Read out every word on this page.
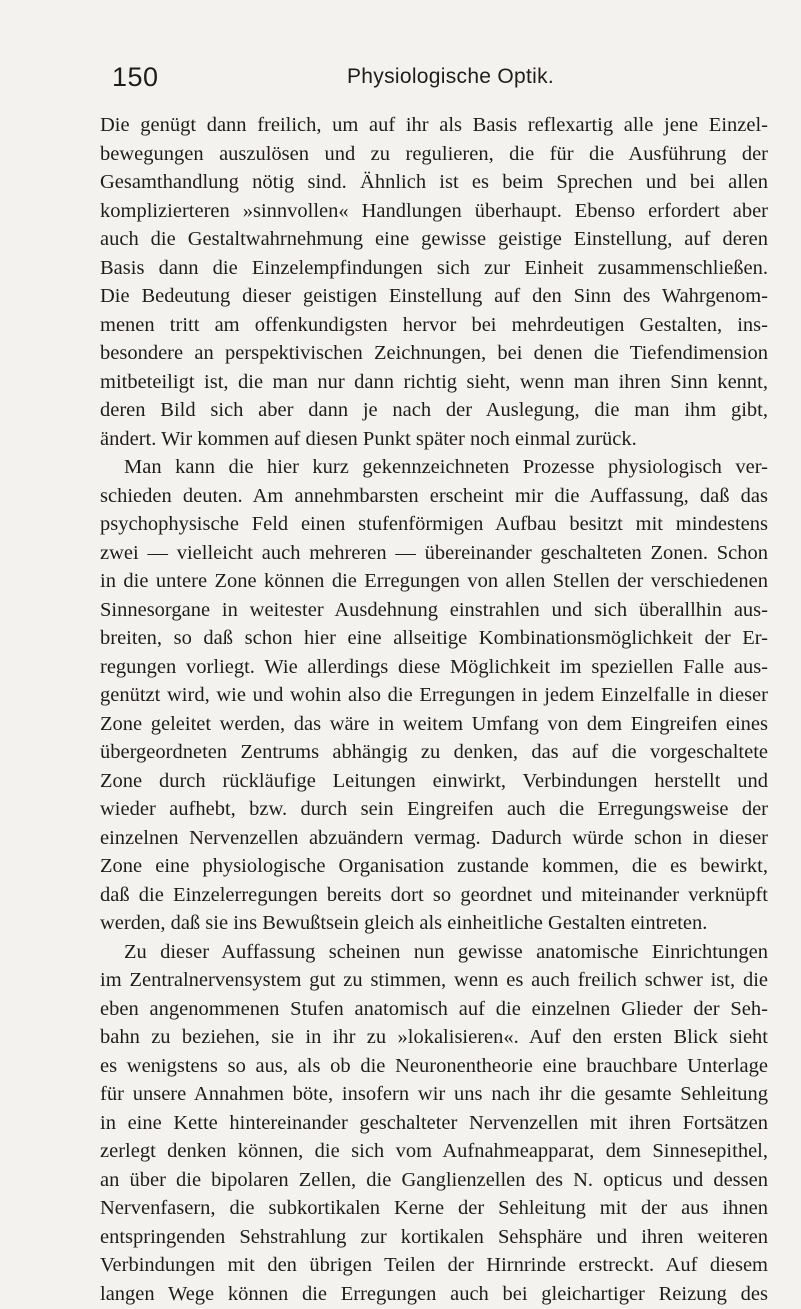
150	Physiologische Optik.
Die genügt dann freilich, um auf ihr als Basis reflexartig alle jene Einzel-
bewegungen auszulösen und zu regulieren, die für die Ausführung der
Gesamthandlung nötig sind. Ähnlich ist es beim Sprechen und bei allen
komplizierteren »sinnvollen« Handlungen überhaupt. Ebenso erfordert aber
auch die Gestaltwahrnehmung eine gewisse geistige Einstellung, auf deren
Basis dann die Einzelempfindungen sich zur Einheit zusammenschließen.
Die Bedeutung dieser geistigen Einstellung auf den Sinn des Wahrgenom-
menen tritt am offenkundigsten hervor bei mehrdeutigen Gestalten, ins-
besondere an perspektivischen Zeichnungen, bei denen die Tiefendimension
mitbeteiligt ist, die man nur dann richtig sieht, wenn man ihren Sinn kennt,
deren Bild sich aber dann je nach der Auslegung, die man ihm gibt,
ändert. Wir kommen auf diesen Punkt später noch einmal zurück.
Man kann die hier kurz gekennzeichneten Prozesse physiologisch ver-
schieden deuten. Am annehmbarsten erscheint mir die Auffassung, daß das
psychophysische Feld einen stufenförmigen Aufbau besitzt mit mindestens
zwei — vielleicht auch mehreren — übereinander geschalteten Zonen. Schon
in die untere Zone können die Erregungen von allen Stellen der verschiedenen
Sinnesorgane in weitester Ausdehnung einstrahlen und sich überallhin aus-
breiten, so daß schon hier eine allseitige Kombinationsmöglichkeit der Er-
regungen vorliegt. Wie allerdings diese Möglichkeit im speziellen Falle aus-
genützt wird, wie und wohin also die Erregungen in jedem Einzelfalle in dieser
Zone geleitet werden, das wäre in weitem Umfang von dem Eingreifen eines
übergeordneten Zentrums abhängig zu denken, das auf die vorgeschaltete
Zone durch rückläufige Leitungen einwirkt, Verbindungen herstellt und
wieder aufhebt, bzw. durch sein Eingreifen auch die Erregungsweise der
einzelnen Nervenzellen abzuändern vermag. Dadurch würde schon in dieser
Zone eine physiologische Organisation zustande kommen, die es bewirkt,
daß die Einzelerregungen bereits dort so geordnet und miteinander verknüpft
werden, daß sie ins Bewußtsein gleich als einheitliche Gestalten eintreten.
Zu dieser Auffassung scheinen nun gewisse anatomische Einrichtungen
im Zentralnervensystem gut zu stimmen, wenn es auch freilich schwer ist, die
eben angenommenen Stufen anatomisch auf die einzelnen Glieder der Seh-
bahn zu beziehen, sie in ihr zu »lokalisieren«. Auf den ersten Blick sieht
es wenigstens so aus, als ob die Neuronentheorie eine brauchbare Unterlage
für unsere Annahmen böte, insofern wir uns nach ihr die gesamte Sehleitung
in eine Kette hintereinander geschalteter Nervenzellen mit ihren Fortsätzen
zerlegt denken können, die sich vom Aufnahmeapparat, dem Sinnesepithel,
an über die bipolaren Zellen, die Ganglienzellen des N. opticus und dessen
Nervenfasern, die subkortikalen Kerne der Sehleitung mit der aus ihnen
entspringenden Sehstrahlung zur kortikalen Sehsphäre und ihren weiteren
Verbindungen mit den übrigen Teilen der Hirnrinde erstreckt. Auf diesem
langen Wege können die Erregungen auch bei gleichartiger Reizung des
